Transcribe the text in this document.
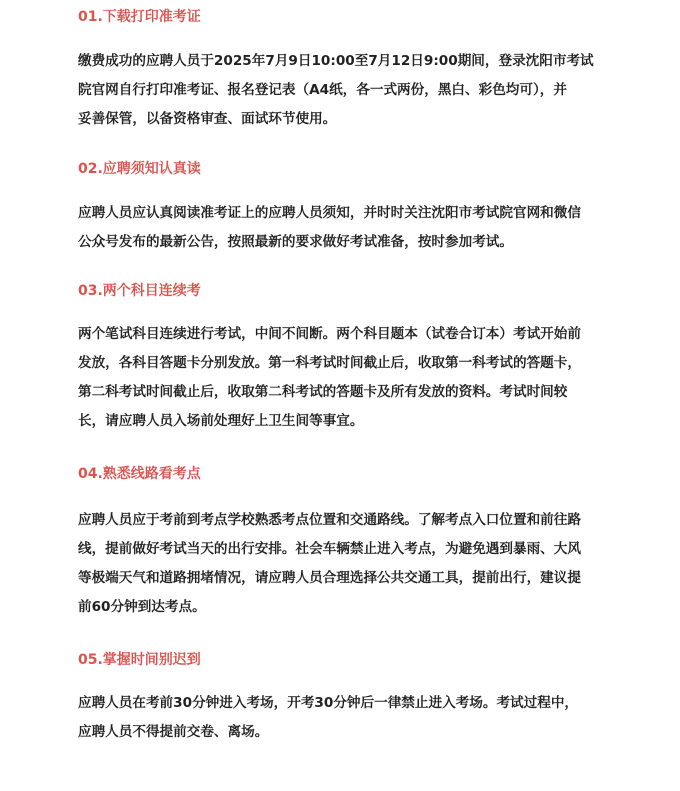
01.下载打印准考证
缴费成功的应聘人员于2025年7月9日10:00至7月12日9:00期间，登录沈阳市考试
院官网自行打印准考证、报名登记表（A4纸，各一式两份，黑白、彩色均可），并
妥善保管，以备资格审查、面试环节使用。
02.应聘须知认真读
应聘人员应认真阅读准考证上的应聘人员须知，并时时关注沈阳市考试院官网和微信
公众号发布的最新公告，按照最新的要求做好考试准备，按时参加考试。
03.两个科目连续考
两个笔试科目连续进行考试，中间不间断。两个科目题本（试卷合订本）考试开始前
发放，各科目答题卡分别发放。第一科考试时间截止后，收取第一科考试的答题卡，
第二科考试时间截止后，收取第二科考试的答题卡及所有发放的资料。考试时间较
长，请应聘人员入场前处理好上卫生间等事宜。
04.熟悉线路看考点
应聘人员应于考前到考点学校熟悉考点位置和交通路线。了解考点入口位置和前往路
线，提前做好考试当天的出行安排。社会车辆禁止进入考点，为避免遇到暴雨、大风
等极端天气和道路拥堵情况，请应聘人员合理选择公共交通工具，提前出行，建议提
前60分钟到达考点。
05.掌握时间别迟到
应聘人员在考前30分钟进入考场，开考30分钟后一律禁止进入考场。考试过程中，
应聘人员不得提前交卷、离场。
